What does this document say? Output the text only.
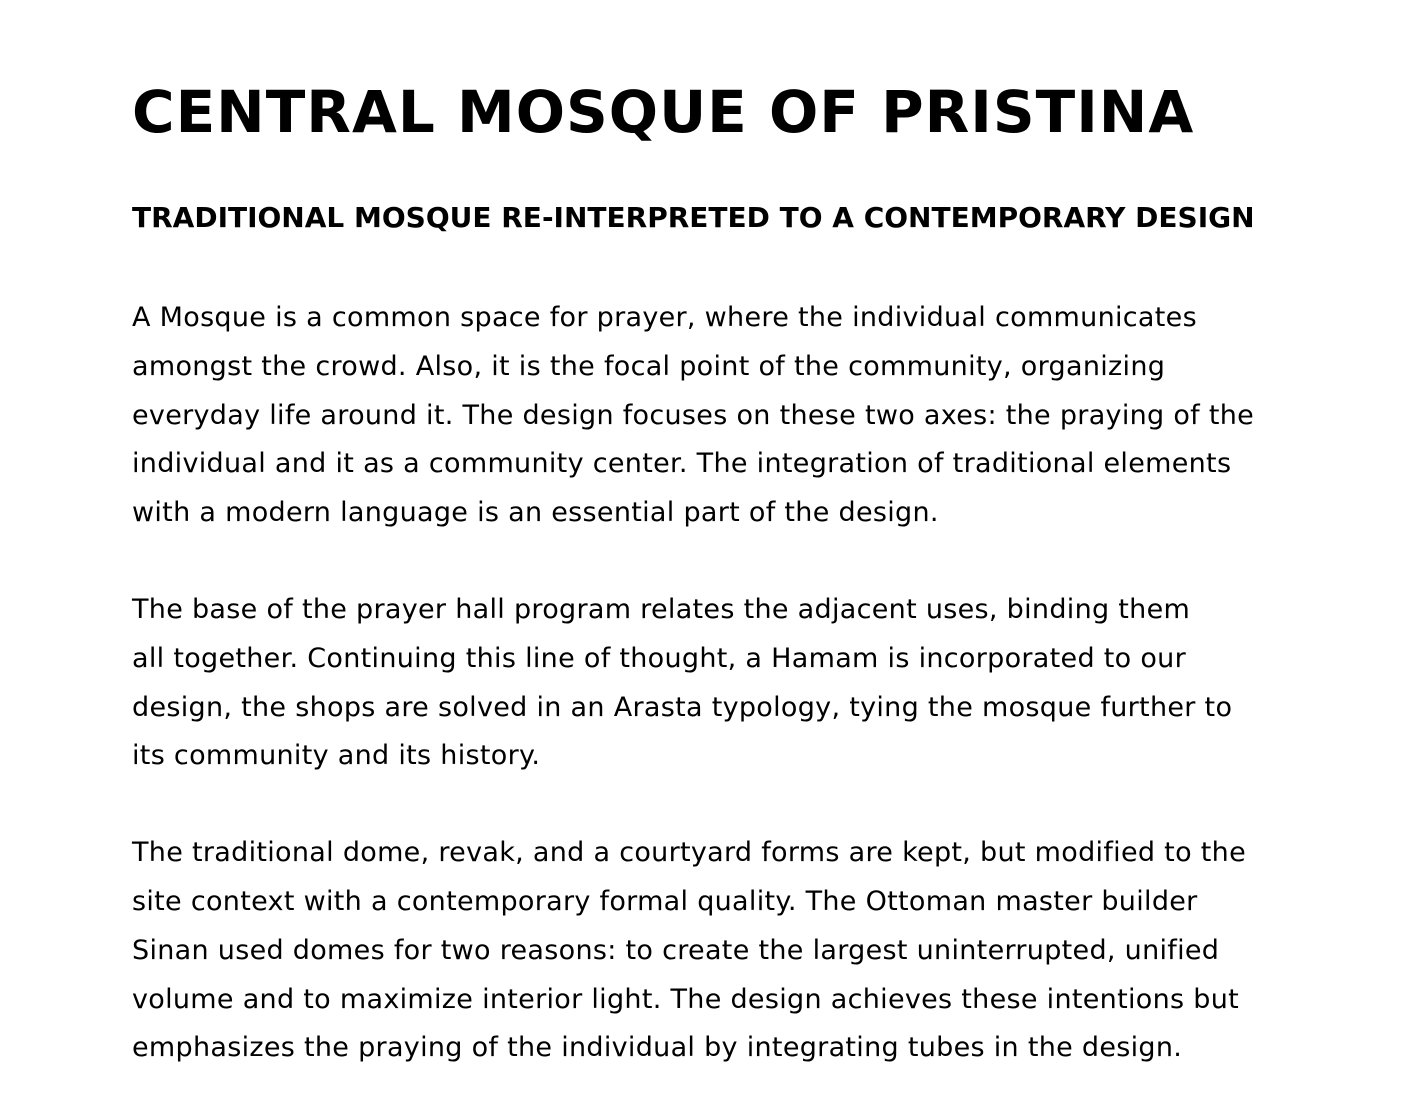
CENTRAL MOSQUE OF PRISTINA
TRADITIONAL MOSQUE RE-INTERPRETED TO A CONTEMPORARY DESIGN

A Mosque is a common space for prayer, where the individual communicates
amongst the crowd. Also, it is the focal point of the community, organizing
everyday life around it. The design focuses on these two axes: the praying of the
individual and it as a community center. The integration of traditional elements
with a modern language is an essential part of the design.

The base of the prayer hall program relates the adjacent uses, binding them
all together. Continuing this line of thought, a Hamam is incorporated to our
design, the shops are solved in an Arasta typology, tying the mosque further to
its community and its history.

The traditional dome, revak, and a courtyard forms are kept, but modified to the
site context with a contemporary formal quality. The Ottoman master builder
Sinan used domes for two reasons: to create the largest uninterrupted, unified
volume and to maximize interior light. The design achieves these intentions but
emphasizes the praying of the individual by integrating tubes in the design.
